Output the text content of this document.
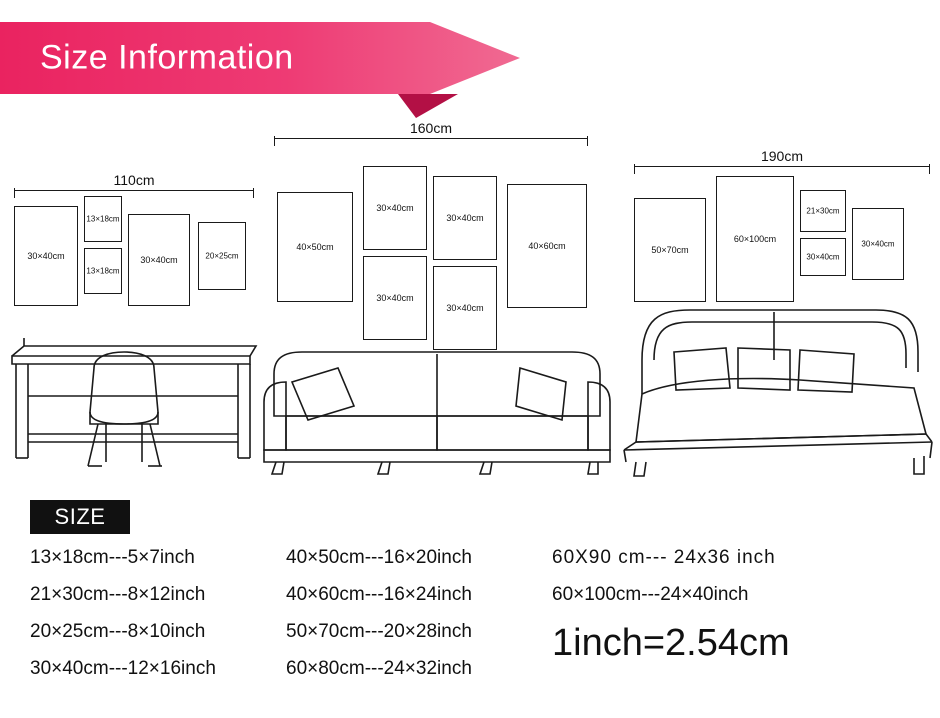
Size Information
110cm
30×40cm
13×18cm
13×18cm
30×40cm	20×25cm
160cm
40×50cm
30×40cm
30×40cm
30×40cm
30×40cm
40×60cm
190cm
50×70cm
60×100cm
21×30cm
30×40cm
30×40cm
SIZE
13×18cm---5×7inch
21×30cm---8×12inch
20×25cm---8×10inch
30×40cm---12×16inch
40×50cm---16×20inch
40×60cm---16×24inch
50×70cm---20×28inch
60×80cm---24×32inch
60X90 cm--- 24x36 inch
60×100cm---24×40inch
1inch=2.54cm
